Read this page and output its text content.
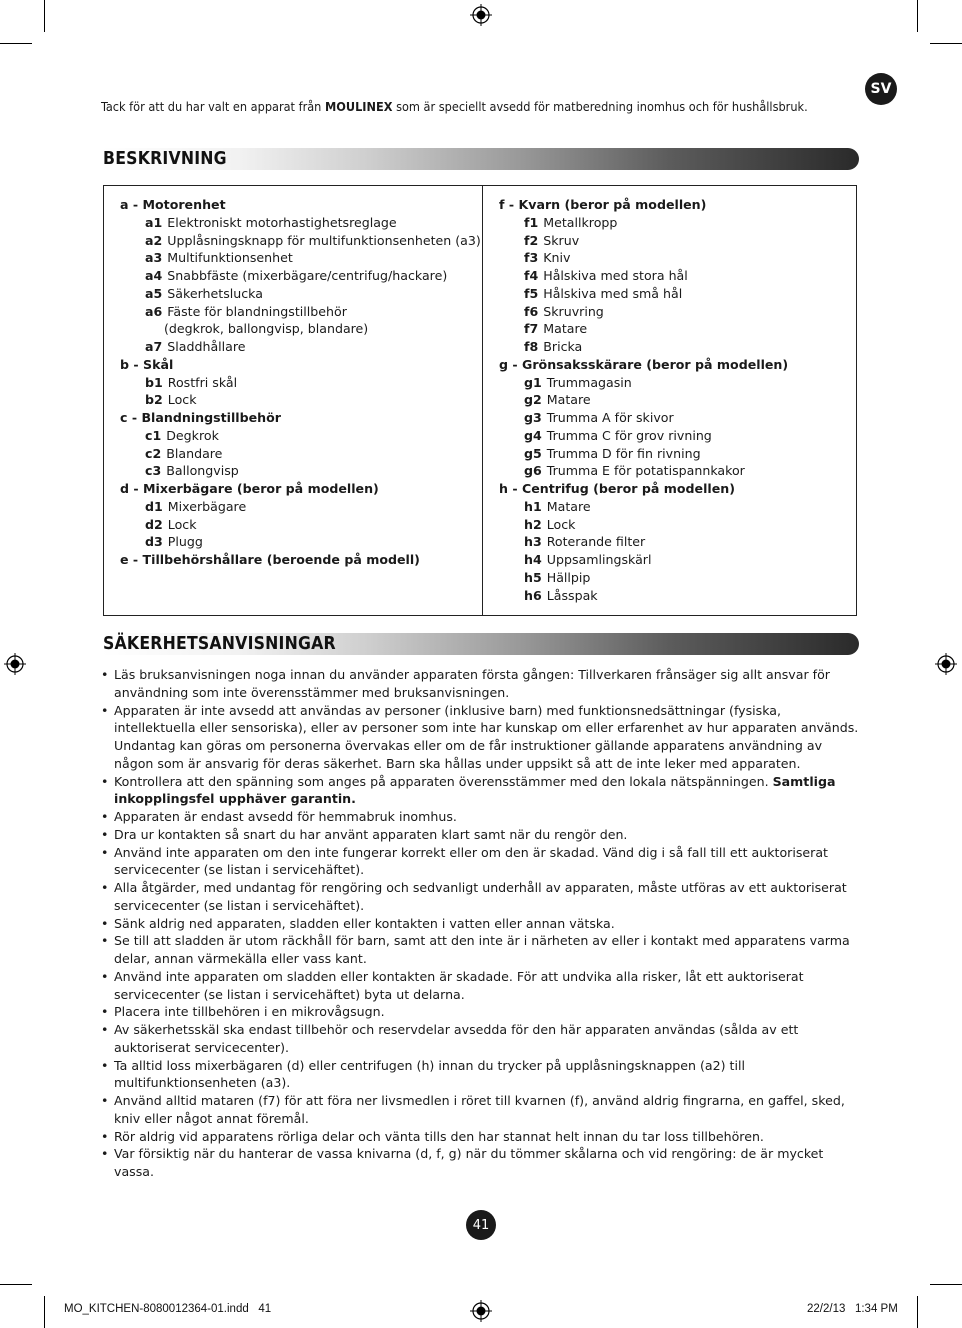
SV
Tack för att du har valt en apparat från MOULINEX som är speciellt avsedd för matberedning inomhus och för hushållsbruk.
BESKRIVNING
a - Motorenhet
a1 Elektroniskt motorhastighetsreglage
a2 Upplåsningsknapp för multifunktionsenheten (a3)
a3 Multifunktionsenhet
a4 Snabbfäste (mixerbägare/centrifug/hackare)
a5 Säkerhetslucka
a6 Fäste för blandningstillbehör
(degkrok, ballongvisp, blandare)
a7 Sladdhållare
b - Skål
b1 Rostfri skål
b2 Lock
c - Blandningstillbehör
c1 Degkrok
c2 Blandare
c3 Ballongvisp
d - Mixerbägare (beror på modellen)
d1 Mixerbägare
d2 Lock
d3 Plugg
e - Tillbehörshållare (beroende på modell)
f - Kvarn (beror på modellen)
f1 Metallkropp
f2 Skruv
f3 Kniv
f4 Hålskiva med stora hål
f5 Hålskiva med små hål
f6 Skruvring
f7 Matare
f8 Bricka
g - Grönsaksskärare (beror på modellen)
g1 Trummagasin
g2 Matare
g3 Trumma A för skivor
g4 Trumma C för grov rivning
g5 Trumma D för fin rivning
g6 Trumma E för potatispannkakor
h - Centrifug (beror på modellen)
h1 Matare
h2 Lock
h3 Roterande filter
h4 Uppsamlingskärl
h5 Hällpip
h6 Låsspak
SÄKERHETSANVISNINGAR
• Läs bruksanvisningen noga innan du använder apparaten första gången: Tillverkaren frånsäger sig allt ansvar för användning som inte överensstämmer med bruksanvisningen.
• Apparaten är inte avsedd att användas av personer (inklusive barn) med funktionsnedsättningar (fysiska, intellektuella eller sensoriska), eller av personer som inte har kunskap om eller erfarenhet av hur apparaten används. Undantag kan göras om personerna övervakas eller om de får instruktioner gällande apparatens användning av någon som är ansvarig för deras säkerhet. Barn ska hållas under uppsikt så att de inte leker med apparaten.
• Kontrollera att den spänning som anges på apparaten överensstämmer med den lokala nätspänningen. Samtliga inkopplingsfel upphäver garantin.
• Apparaten är endast avsedd för hemmabruk inomhus.
• Dra ur kontakten så snart du har använt apparaten klart samt när du rengör den.
• Använd inte apparaten om den inte fungerar korrekt eller om den är skadad. Vänd dig i så fall till ett auktoriserat servicecenter (se listan i servicehäftet).
• Alla åtgärder, med undantag för rengöring och sedvanligt underhåll av apparaten, måste utföras av ett auktoriserat servicecenter (se listan i servicehäftet).
• Sänk aldrig ned apparaten, sladden eller kontakten i vatten eller annan vätska.
• Se till att sladden är utom räckhåll för barn, samt att den inte är i närheten av eller i kontakt med apparatens varma delar, annan värmekälla eller vass kant.
• Använd inte apparaten om sladden eller kontakten är skadade. För att undvika alla risker, låt ett auktoriserat servicecenter (se listan i servicehäftet) byta ut delarna.
• Placera inte tillbehören i en mikrovågsugn.
• Av säkerhetsskäl ska endast tillbehör och reservdelar avsedda för den här apparaten användas (sålda av ett auktoriserat servicecenter).
• Ta alltid loss mixerbägaren (d) eller centrifugen (h) innan du trycker på upplåsningsknappen (a2) till multifunktionsenheten (a3).
• Använd alltid mataren (f7) för att föra ner livsmedlen i röret till kvarnen (f), använd aldrig fingrarna, en gaffel, sked, kniv eller något annat föremål.
• Rör aldrig vid apparatens rörliga delar och vänta tills den har stannat helt innan du tar loss tillbehören.
• Var försiktig när du hanterar de vassa knivarna (d, f, g) när du tömmer skålarna och vid rengöring: de är mycket vassa.
41
MO_KITCHEN-8080012364-01.indd   41	22/2/13   1:34 PM
